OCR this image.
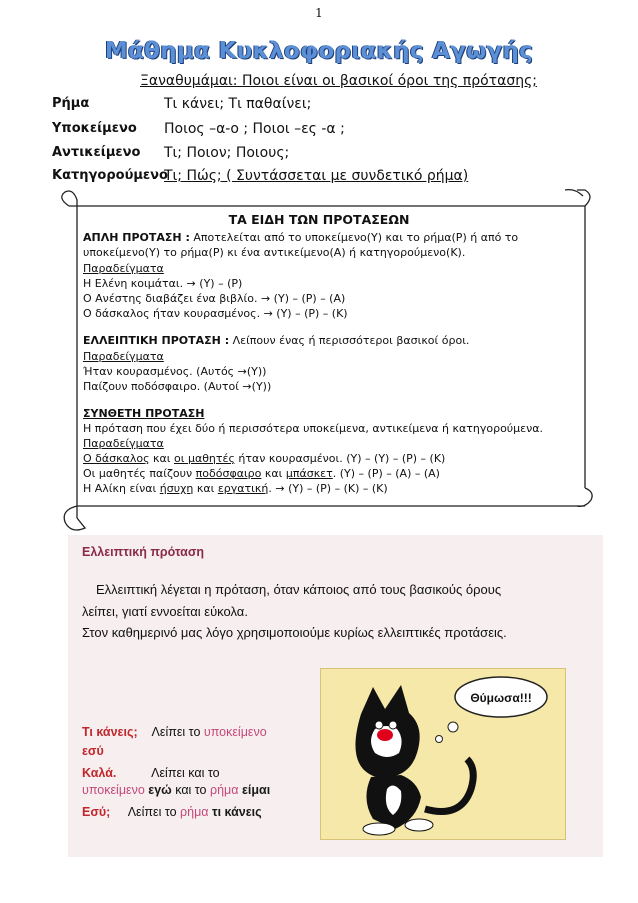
1
Μάθημα Κυκλοφοριακής Αγωγής
Ξαναθυμάμαι: Ποιοι είναι οι βασικοί όροι της πρότασης;
Ρήμα	Τι κάνει; Τι παθαίνει;
Υποκείμενο Ποιος –α-ο ; Ποιοι –ες -α ;
Αντικείμενο Τι; Ποιον; Ποιους;
Κατηγορούμενο
Τι; Πώς; ( Συντάσσεται με συνδετικό ρήμα)
ΤΑ ΕΙΔΗ ΤΩΝ ΠΡΟΤΑΣΕΩΝ
ΑΠΛΗ ΠΡΟΤΑΣΗ : Αποτελείται από το υποκείμενο(Υ) και το ρήμα(Ρ) ή από το
υποκείμενο(Υ) το ρήμα(Ρ) κι ένα αντικείμενο(Α) ή κατηγορούμενο(Κ).
Παραδείγματα
Η Ελένη κοιμάται. → (Υ) – (Ρ)
Ο Ανέστης διαβάζει ένα βιβλίο. → (Υ) – (Ρ) – (Α)
Ο δάσκαλος ήταν κουρασμένος. → (Υ) – (Ρ) – (Κ)
ΕΛΛΕΙΠΤΙΚΗ ΠΡΟΤΑΣΗ : Λείπουν ένας ή περισσότεροι βασικοί όροι.
Παραδείγματα
Ήταν κουρασμένος. (Αυτός →(Υ))
Παίζουν ποδόσφαιρο. (Αυτοί →(Υ))
ΣΥΝΘΕΤΗ ΠΡΟΤΑΣΗ
Η πρόταση που έχει δύο ή περισσότερα υποκείμενα, αντικείμενα ή κατηγορούμενα.
Παραδείγματα
Ο δάσκαλος και οι μαθητές ήταν κουρασμένοι. (Υ) – (Υ) – (Ρ) – (Κ)
Οι μαθητές παίζουν ποδόσφαιρο και μπάσκετ. (Υ) – (Ρ) – (Α) – (Α)
Η Αλίκη είναι ήσυχη και εργατική. → (Υ) – (Ρ) – (Κ) – (Κ)
Ελλειπτική πρόταση
Ελλειπτική λέγεται η πρόταση, όταν κάποιος από τους βασικούς όρους
λείπει, γιατί εννοείται εύκολα.
Στον καθημερινό μας λόγο χρησιμοποιούμε κυρίως ελλειπτικές προτάσεις.
Τι κάνεις; Λείπει το υποκείμενο
εσύ
Καλά.	Λείπει και το
υποκείμενο εγώ και το ρήμα είμαι
Εσύ; Λείπει το ρήμα τι κάνεις
Θύμωσα!!!
